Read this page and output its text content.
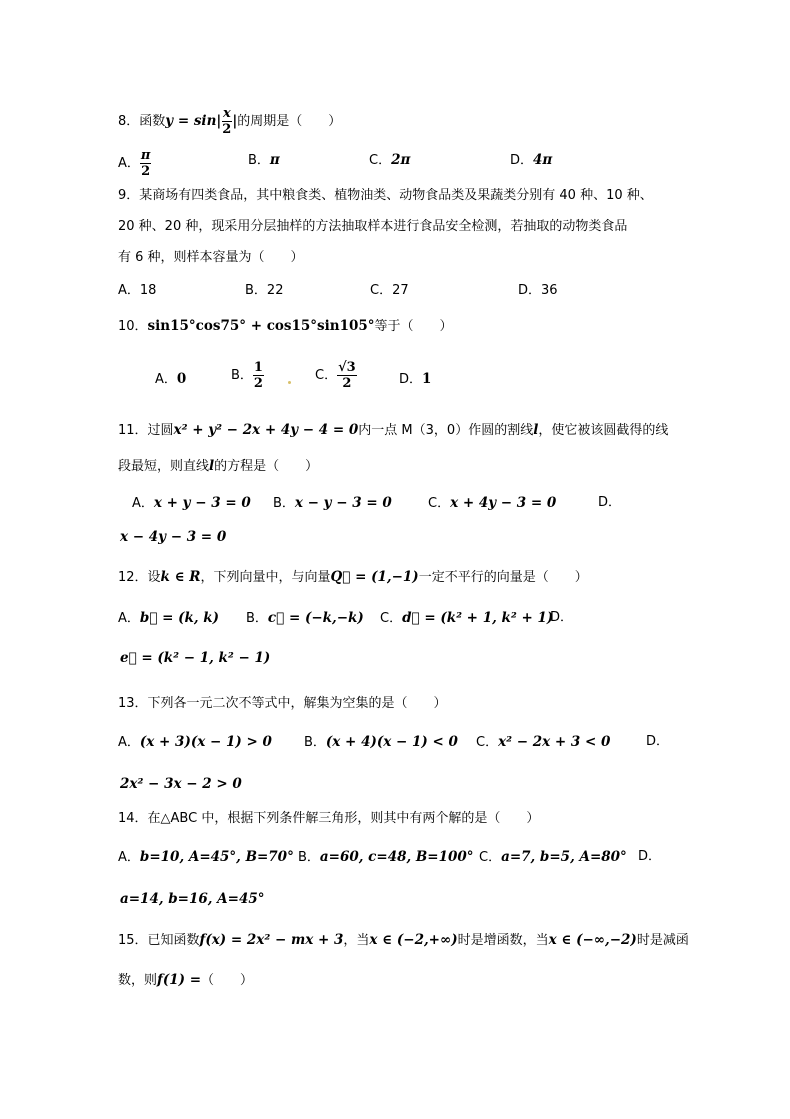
8．函数$y = \sin| \frac{x}{2}$ |的周期是（　　）
A． $\frac{\pi}{2}$	B．π	C．2π	D．4π
9．某商场有四类食品，其中粮食类、植物油类、动物食品类及果蔬类分别有 40 种、10 种、
20 种、20 种，现采用分层抽样的方法抽取样本进行食品安全检测，若抽取的动物类食品
有 6 种，则样本容量为（　　）
A．18	B．22	C．27	D．36
10．sin15°cos75° + cos15°sin105°等于（　　）
A．0	B． $\frac{1}{2}$	C． $\frac{√3}{2}$	D．1
11．过圆x² + y² − 2x + 4y − 4 = 0内一点 M（3，0）作圆的割线l，使它被该圆截得的线
段最短，则直线l的方程是（　　）
A．x + y − 3 = 0 B．x − y − 3 = 0	C．x + 4y − 3 = 0	D．
x − 4y − 3 = 0
12．设k ∈ R，下列向量中，与向量Q⃗ = (1,−1)一定不平行的向量是（　　）
A．b⃗ = (k, k) B．c⃗ = (−k,−k) C．d⃗ = (k² + 1, k² + 1)
D．
e⃗ = (k² − 1, k² − 1)
13．下列各一元二次不等式中，解集为空集的是（　　）
A．(x + 3)(x − 1) > 0 B．(x + 4)(x − 1) < 0 C．x² − 2x + 3 < 0	D．
2x² − 3x − 2 > 0
14．在△ABC 中，根据下列条件解三角形，则其中有两个解的是（　　）
A．b=10, A=45°, B=70° B．a=60, c=48, B=100° C．a=7, b=5, A=80° D．
a=14, b=16, A=45°
15．已知函数f(x) = 2x² − mx + 3，当x ∈ (−2,+∞)时是增函数，当x ∈ (−∞,−2)时是减函
数，则f(1) =（　　）
